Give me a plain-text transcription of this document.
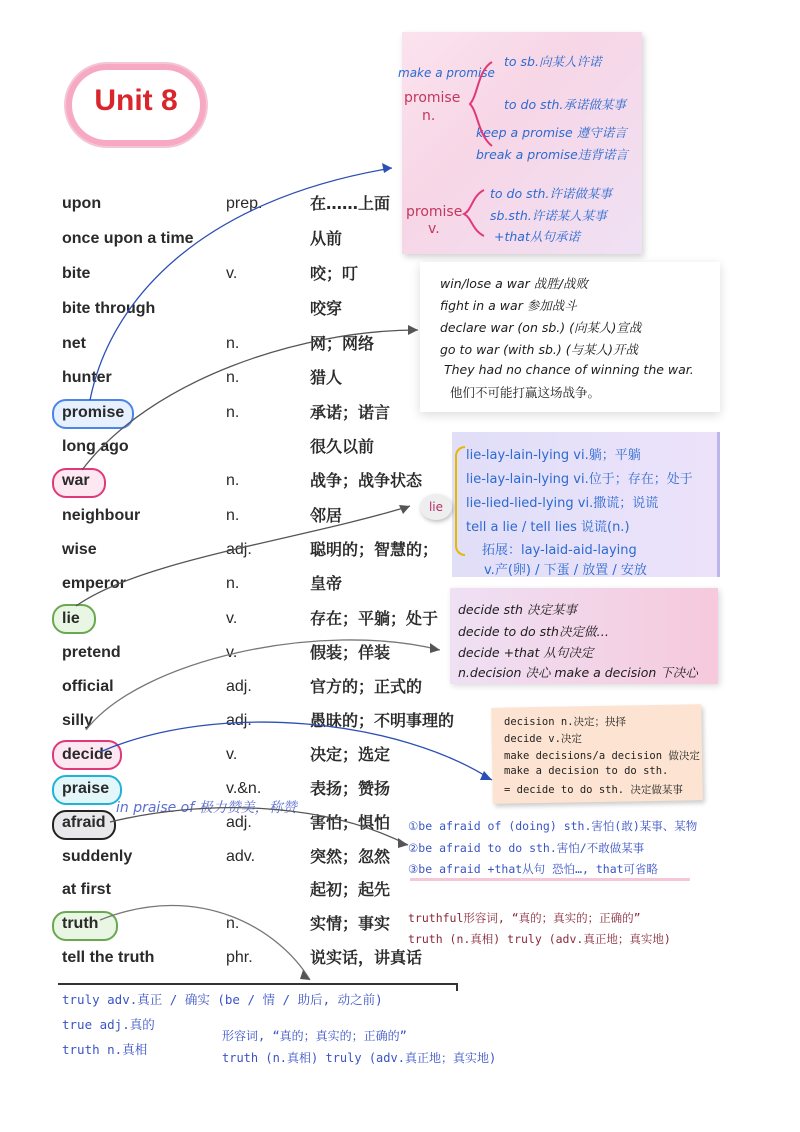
Unit 8
upon	prep.	在……上面
once upon a time	从前
bite	v.	咬；叮
bite through	咬穿
net	n.	网；网络
hunter	n.	猎人
promise	n.	承诺；诺言
long ago	很久以前
war	n.	战争；战争状态
neighbour	n.	邻居
wise	adj.	聪明的；智慧的；
emperor	n.	皇帝
lie	v.	存在；平躺；处于
pretend	v.	假装；佯装
official	adj.	官方的；正式的
silly	adj.	愚昧的；不明事理的
decide	v.	决定；选定
praise	v.&n.	表扬；赞扬
afraid	adj.	害怕；惧怕
suddenly	adv.	突然；忽然
at first	起初；起先
truth	n.	实情；事实
tell the truth	phr.	说实话，讲真话
make a promise
promise
n.
to sb.向某人许诺
to do sth.承诺做某事
keep a promise 遵守诺言
break a promise违背诺言
promise
v.
to do sth.许诺做某事
sb.sth.许诺某人某事
+that从句承诺
win/lose a war 战胜/战败
fight in a war 参加战斗
declare war (on sb.) (向某人)宣战
go to war (with sb.) (与某人)开战
They had no chance of winning the war.
他们不可能打赢这场战争。
lie
lie-lay-lain-lying vi.躺；平躺
lie-lay-lain-lying vi.位于；存在；处于
lie-lied-lied-lying vi.撒谎；说谎
tell a lie / tell lies 说谎(n.)
拓展：lay-laid-aid-laying
v.产(卵) / 下蛋 / 放置 / 安放
decide sth 决定某事
decide to do sth决定做…
decide +that 从句决定
n.decision 决心 make a decision 下决心
decision n.决定；抉择
decide v.决定
make decisions/a decision 做决定
make a decision to do sth.
= decide to do sth. 决定做某事
in praise of 极力赞美，称赞
①be afraid of (doing) sth.害怕(敢)某事、某物
②be afraid to do sth.害怕/不敢做某事
③be afraid +that从句 恐怕…, that可省略
truthful形容词, “真的；真实的；正确的”
truth (n.真相) truly (adv.真正地；真实地)
truly adv.真正 / 确实 (be / 情 / 助后, 动之前)
true adj.真的
truth n.真相
形容词, “真的；真实的；正确的”
truth (n.真相) truly (adv.真正地；真实地)
